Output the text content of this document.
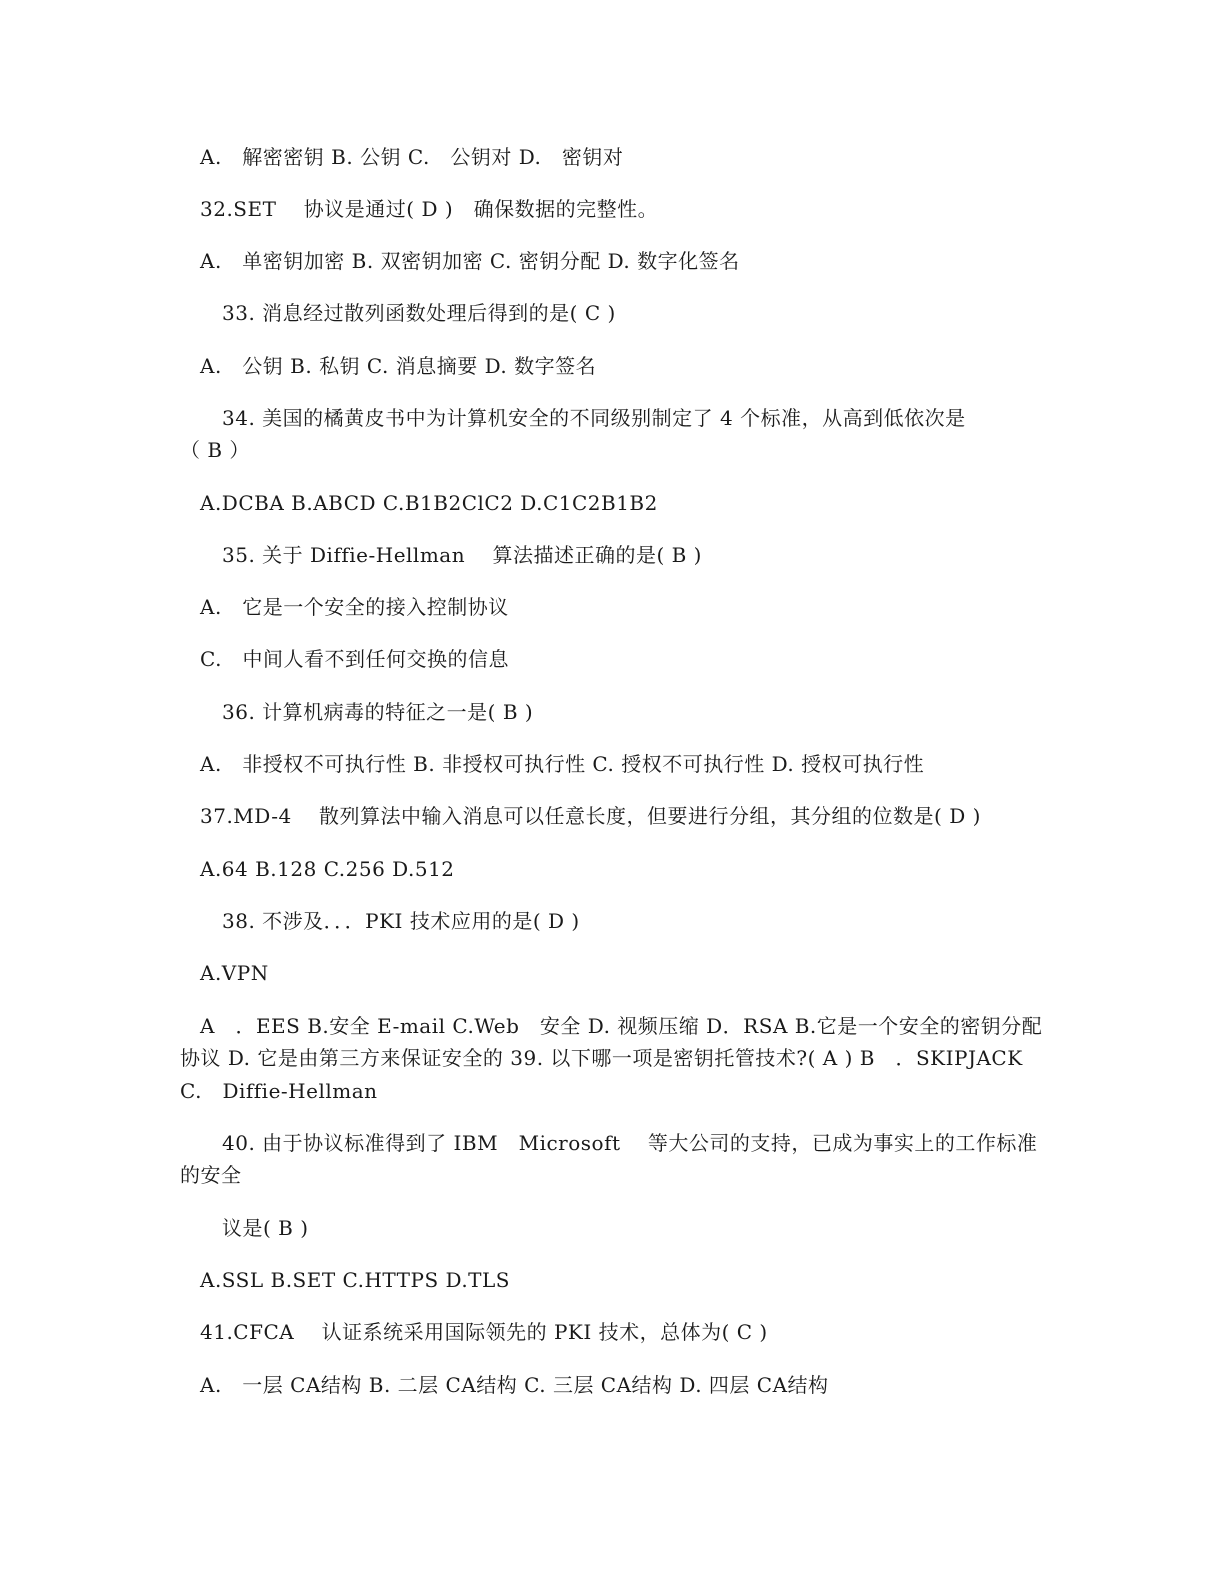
A.　解密密钥 B. 公钥 C.　公钥对 D.　密钥对
32.SET　 协议是通过( D )　确保数据的完整性。
A.　单密钥加密 B. 双密钥加密 C. 密钥分配 D. 数字化签名
33. 消息经过散列函数处理后得到的是( C )
A.　公钥 B. 私钥 C. 消息摘要 D. 数字签名
34. 美国的橘黄皮书中为计算机安全的不同级别制定了 4 个标准，从高到低依次是
（ B ）
A.DCBA B.ABCD C.B1B2ClC2 D.C1C2B1B2
35. 关于 Diffie-Hellman　 算法描述正确的是( B )
A.　它是一个安全的接入控制协议
C.　中间人看不到任何交换的信息
36. 计算机病毒的特征之一是( B )
A.　非授权不可执行性 B. 非授权可执行性 C. 授权不可执行性 D. 授权可执行性
37.MD-4　 散列算法中输入消息可以任意长度，但要进行分组，其分组的位数是( D )
A.64 B.128 C.256 D.512
38. 不涉及．．．PKI 技术应用的是( D )
A.VPN
A　．EES B.安全 E-mail C.Web　安全 D. 视频压缩 D．RSA B.它是一个安全的密钥分配
协议 D. 它是由第三方来保证安全的 39. 以下哪一项是密钥托管技术?( A ) B　．SKIPJACK
C.　Diffie-Hellman
40. 由于协议标准得到了 IBM　Microsoft　 等大公司的支持，已成为事实上的工作标准
的安全
议是( B )
A.SSL B.SET C.HTTPS D.TLS
41.CFCA　 认证系统采用国际领先的 PKI 技术，总体为( C )
A.　一层 CA结构 B. 二层 CA结构 C. 三层 CA结构 D. 四层 CA结构
